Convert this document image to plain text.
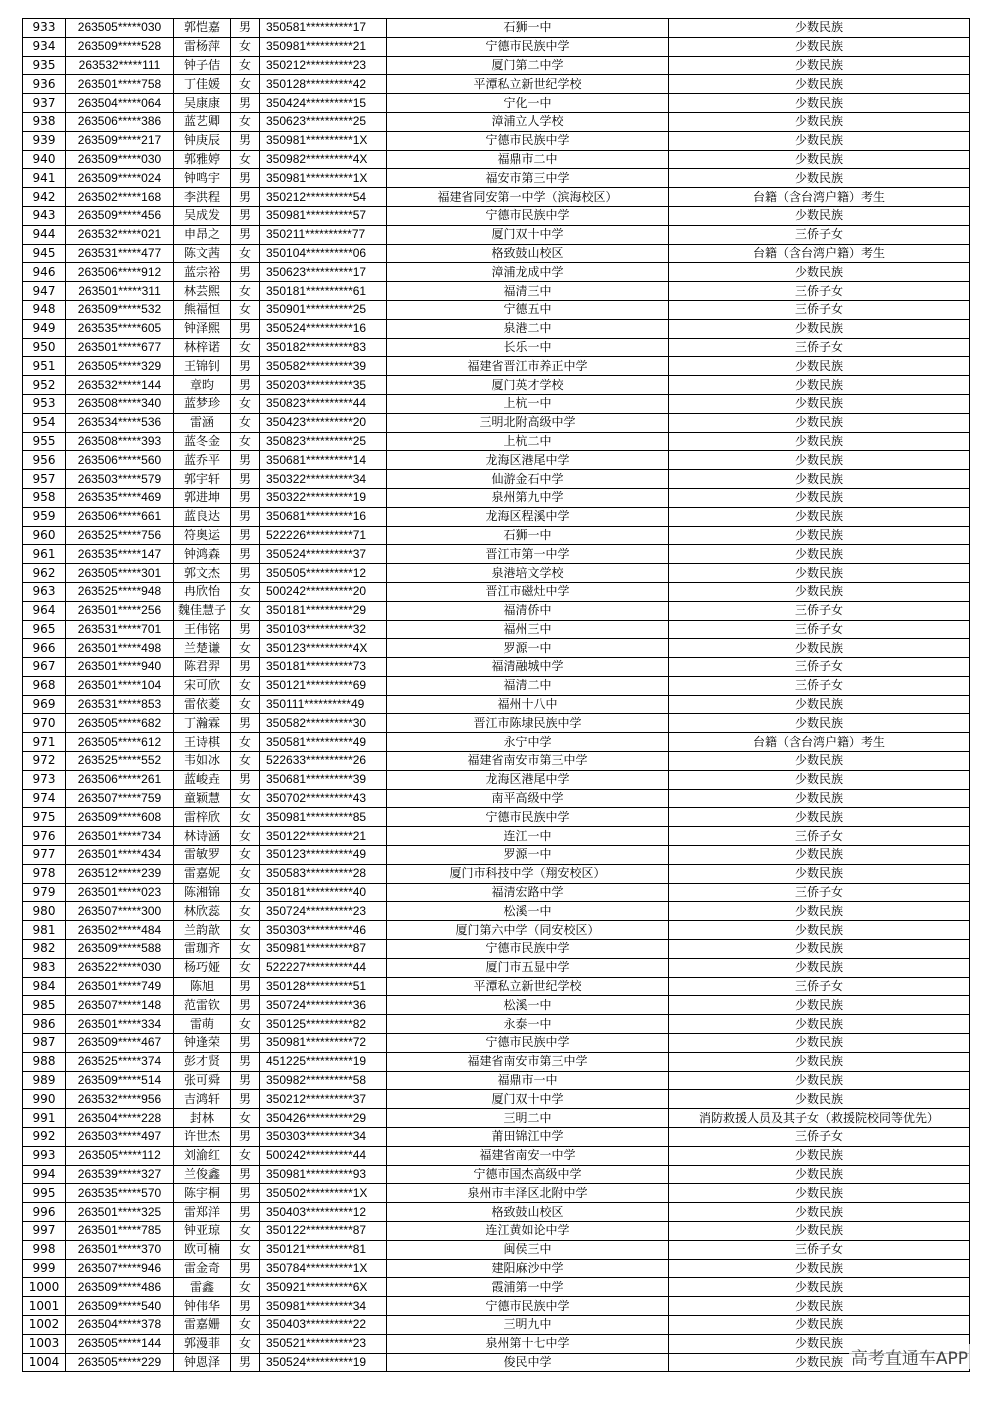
933	263505*****030	郭恺嘉	男	350581**********17	石狮一中	少数民族
934	263509*****528	雷杨萍	女	350981**********21	宁德市民族中学	少数民族
935	263532*****111	钟子佶	女	350212**********23	厦门第二中学	少数民族
936	263501*****758	丁佳媛	女	350128**********42	平潭私立新世纪学校	少数民族
937	263504*****064	吴康康	男	350424**********15	宁化一中	少数民族
938	263506*****386	蓝艺卿	女	350623**********25	漳浦立人学校	少数民族
939	263509*****217	钟庚辰	男	350981**********1X	宁德市民族中学	少数民族
940	263509*****030	郭雅婷	女	350982**********4X	福鼎市二中	少数民族
941	263509*****024	钟鸣宇	男	350981**********1X	福安市第三中学	少数民族
942	263502*****168	李洪程	男	350212**********54	福建省同安第一中学（滨海校区）	台籍（含台湾户籍）考生
943	263509*****456	吴成发	男	350981**********57	宁德市民族中学	少数民族
944	263532*****021	申昂之	男	350211**********77	厦门双十中学	三侨子女
945	263531*****477	陈文茜	女	350104**********06	格致鼓山校区	台籍（含台湾户籍）考生
946	263506*****912	蓝宗裕	男	350623**********17	漳浦龙成中学	少数民族
947	263501*****311	林芸熙	女	350181**********61	福清三中	三侨子女
948	263509*****532	熊福恒	女	350901**********25	宁德五中	三侨子女
949	263535*****605	钟泽熙	男	350524**********16	泉港二中	少数民族
950	263501*****677	林梓诺	女	350182**********83	长乐一中	三侨子女
951	263505*****329	王锦钊	男	350582**********39	福建省晋江市养正中学	少数民族
952	263532*****144	章昀	男	350203**********35	厦门英才学校	少数民族
953	263508*****340	蓝梦珍	女	350823**********44	上杭一中	少数民族
954	263534*****536	雷涵	女	350423**********20	三明北附高级中学	少数民族
955	263508*****393	蓝冬金	女	350823**********25	上杭二中	少数民族
956	263506*****560	蓝乔平	男	350681**********14	龙海区港尾中学	少数民族
957	263503*****579	郭宇轩	男	350322**********34	仙游金石中学	少数民族
958	263535*****469	郭进坤	男	350322**********19	泉州第九中学	少数民族
959	263506*****661	蓝良达	男	350681**********16	龙海区程溪中学	少数民族
960	263525*****756	符奥运	男	522226**********71	石狮一中	少数民族
961	263535*****147	钟鸿森	男	350524**********37	晋江市第一中学	少数民族
962	263505*****301	郭文杰	男	350505**********12	泉港培文学校	少数民族
963	263525*****948	冉欣怡	女	500242**********20	晋江市磁灶中学	少数民族
964	263501*****256	魏佳慧子	女	350181**********29	福清侨中	三侨子女
965	263531*****701	王伟铭	男	350103**********32	福州三中	三侨子女
966	263501*****498	兰楚谦	女	350123**********4X	罗源一中	少数民族
967	263501*****940	陈君羿	男	350181**********73	福清融城中学	三侨子女
968	263501*****104	宋可欣	女	350121**********69	福清二中	三侨子女
969	263531*****853	雷依菱	女	350111**********49	福州十八中	少数民族
970	263505*****682	丁瀚霖	男	350582**********30	晋江市陈埭民族中学	少数民族
971	263505*****612	王诗棋	女	350581**********49	永宁中学	台籍（含台湾户籍）考生
972	263525*****552	韦如冰	女	522633**********26	福建省南安市第三中学	少数民族
973	263506*****261	蓝峻垚	男	350681**********39	龙海区港尾中学	少数民族
974	263507*****759	童颖慧	女	350702**********43	南平高级中学	少数民族
975	263509*****608	雷梓欣	女	350981**********85	宁德市民族中学	少数民族
976	263501*****734	林诗涵	女	350122**********21	连江一中	三侨子女
977	263501*****434	雷敏罗	女	350123**********49	罗源一中	少数民族
978	263512*****239	雷嘉妮	女	350583**********28	厦门市科技中学（翔安校区）	少数民族
979	263501*****023	陈湘锦	女	350181**********40	福清宏路中学	三侨子女
980	263507*****300	林欣蕊	女	350724**********23	松溪一中	少数民族
981	263502*****484	兰韵歆	女	350303**********46	厦门第六中学（同安校区）	少数民族
982	263509*****588	雷珈齐	女	350981**********87	宁德市民族中学	少数民族
983	263522*****030	杨巧娅	女	522227**********44	厦门市五显中学	少数民族
984	263501*****749	陈旭	男	350128**********51	平潭私立新世纪学校	三侨子女
985	263507*****148	范雷钦	男	350724**********36	松溪一中	少数民族
986	263501*****334	雷萌	女	350125**********82	永泰一中	少数民族
987	263509*****467	钟逢荣	男	350981**********72	宁德市民族中学	少数民族
988	263525*****374	彭才贤	男	451225**********19	福建省南安市第三中学	少数民族
989	263509*****514	张可舜	男	350982**********58	福鼎市一中	少数民族
990	263532*****956	吉鸿轩	男	350212**********37	厦门双十中学	少数民族
991	263504*****228	封林	女	350426**********29	三明二中	消防救援人员及其子女（救援院校同等优先）
992	263503*****497	许世杰	男	350303**********34	莆田锦江中学	三侨子女
993	263505*****112	刘渝红	女	500242**********44	福建省南安一中学	少数民族
994	263539*****327	兰俊鑫	男	350981**********93	宁德市国杰高级中学	少数民族
995	263535*****570	陈宇桐	男	350502**********1X	泉州市丰泽区北附中学	少数民族
996	263501*****325	雷郑洋	男	350403**********12	格致鼓山校区	少数民族
997	263501*****785	钟亚琼	女	350122**********87	连江黄如论中学	少数民族
998	263501*****370	欧可楠	女	350121**********81	闽侯三中	三侨子女
999	263507*****946	雷金奇	男	350784**********1X	建阳麻沙中学	少数民族
1000	263509*****486	雷鑫	女	350921**********6X	霞浦第一中学	少数民族
1001	263509*****540	钟伟华	男	350981**********34	宁德市民族中学	少数民族
1002	263504*****378	雷嘉姗	女	350403**********22	三明九中	少数民族
1003	263505*****144	郭漫菲	女	350521**********23	泉州第十七中学	少数民族
1004	263505*****229	钟恩泽	男	350524**********19	俊民中学	少数民族 高考直通车APP
